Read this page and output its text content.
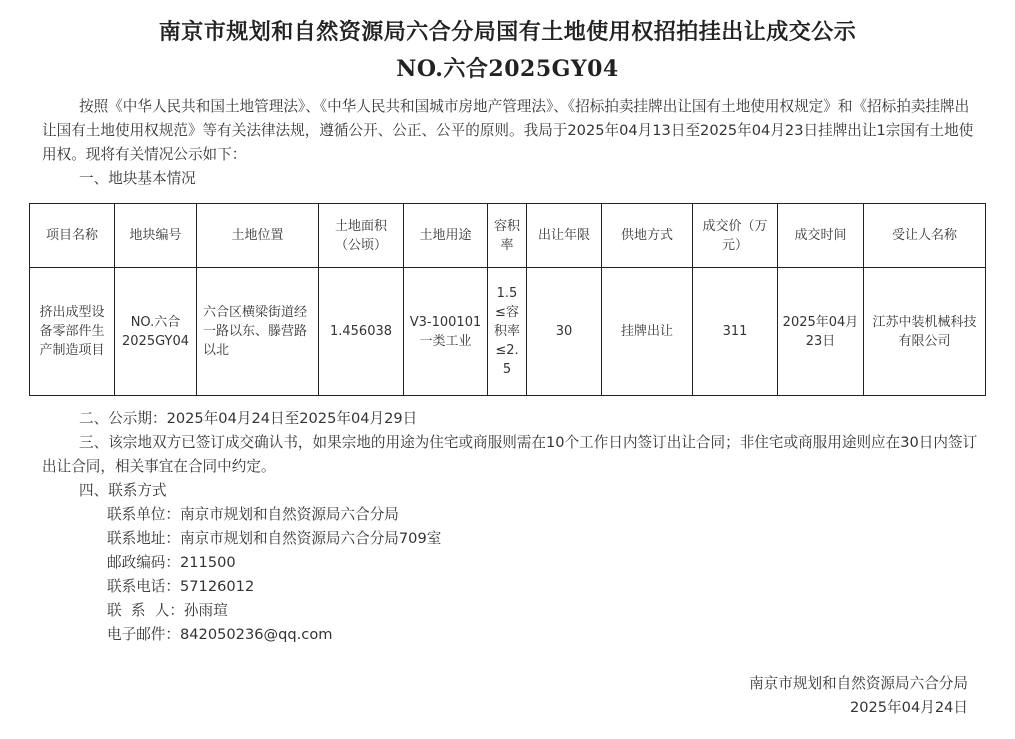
南京市规划和自然资源局六合分局国有土地使用权招拍挂出让成交公示
NO.六合2025GY04
按照《中华人民共和国土地管理法》、《中华人民共和国城市房地产管理法》、《招标拍卖挂牌出让国有土地使用权规定》和《招标拍卖挂牌出让国有土地使用权规范》等有关法律法规，遵循公开、公正、公平的原则。我局于2025年04月13日至2025年04月23日挂牌出让1宗国有土地使用权。现将有关情况公示如下：
一、地块基本情况
项目名称	地块编号	土地位置	土地面积（公顷）	土地用途	容积率	出让年限	供地方式	成交价（万元）	成交时间	受让人名称
挤出成型设备零部件生产制造项目	NO.六合2025GY04	六合区横梁街道经一路以东、滕营路以北	1.456038	V3-100101一类工业	1.5≤容积率≤2.5	30	挂牌出让	311	2025年04月23日	江苏中装机械科技有限公司
二、公示期：2025年04月24日至2025年04月29日
三、该宗地双方已签订成交确认书，如果宗地的用途为住宅或商服则需在10个工作日内签订出让合同；非住宅或商服用途则应在30日内签订出让合同，相关事宜在合同中约定。
四、联系方式
联系单位：南京市规划和自然资源局六合分局
联系地址：南京市规划和自然资源局六合分局709室
邮政编码：211500
联系电话：57126012
联  系  人：孙雨瑄
电子邮件：842050236@qq.com
南京市规划和自然资源局六合分局
2025年04月24日
